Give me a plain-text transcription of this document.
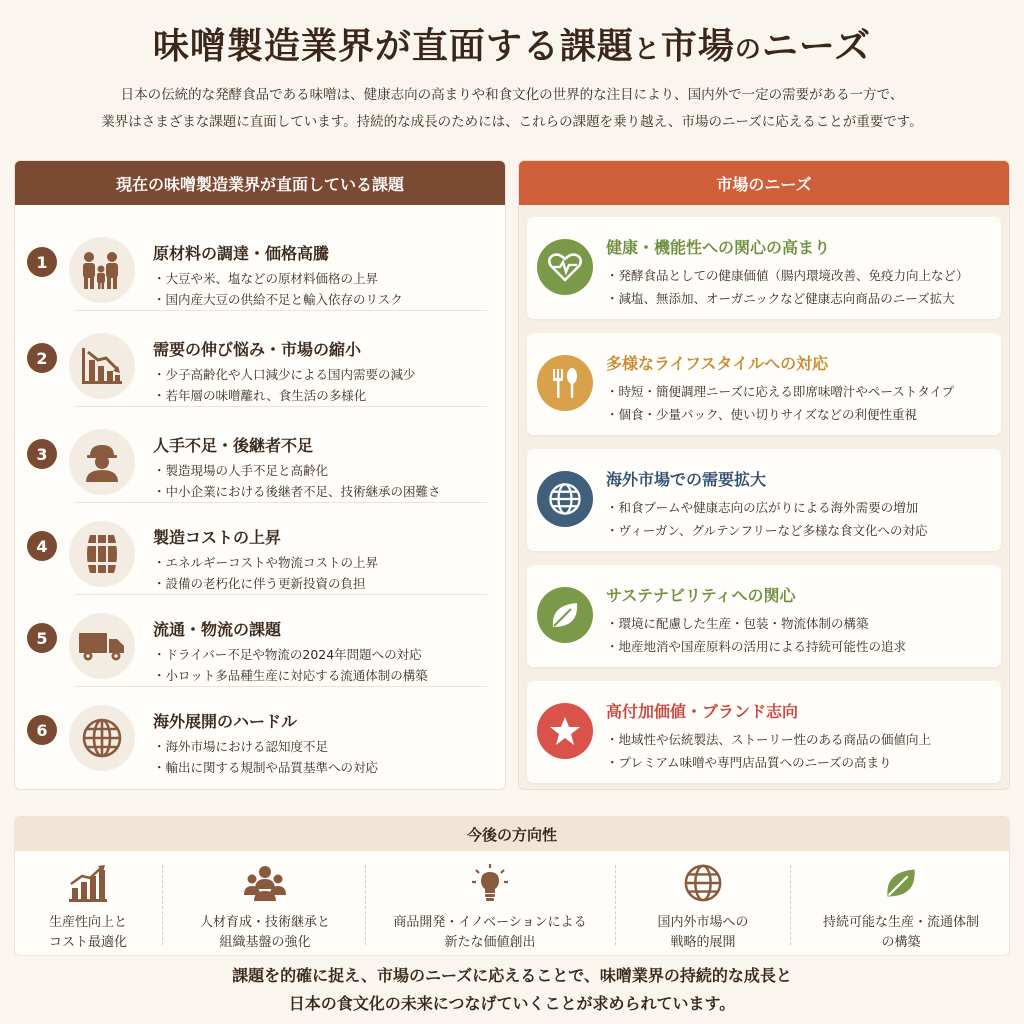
味噌製造業界が直面する課題と市場のニーズ
日本の伝統的な発酵食品である味噌は、健康志向の高まりや和食文化の世界的な注目により、国内外で一定の需要がある一方で、
業界はさまざまな課題に直面しています。持続的な成長のためには、これらの課題を乗り越え、市場のニーズに応えることが重要です。
現在の味噌製造業界が直面している課題
1	原材料の調達・価格高騰
・大豆や米、塩などの原材料価格の上昇
・国内産大豆の供給不足と輸入依存のリスク
2	需要の伸び悩み・市場の縮小
・少子高齢化や人口減少による国内需要の減少
・若年層の味噌離れ、食生活の多様化
3	人手不足・後継者不足
・製造現場の人手不足と高齢化
・中小企業における後継者不足、技術継承の困難さ
4	製造コストの上昇
・エネルギーコストや物流コストの上昇
・設備の老朽化に伴う更新投資の負担
5	流通・物流の課題
・ドライバー不足や物流の2024年問題への対応
・小ロット多品種生産に対応する流通体制の構築
6	海外展開のハードル
・海外市場における認知度不足
・輸出に関する規制や品質基準への対応
市場のニーズ
健康・機能性への関心の高まり
・発酵食品としての健康価値（腸内環境改善、免疫力向上など）
・減塩、無添加、オーガニックなど健康志向商品のニーズ拡大
多様なライフスタイルへの対応
・時短・簡便調理ニーズに応える即席味噌汁やペーストタイプ
・個食・少量パック、使い切りサイズなどの利便性重視
海外市場での需要拡大
・和食ブームや健康志向の広がりによる海外需要の増加
・ヴィーガン、グルテンフリーなど多様な食文化への対応
サステナビリティへの関心
・環境に配慮した生産・包装・物流体制の構築
・地産地消や国産原料の活用による持続可能性の追求
高付加価値・ブランド志向
・地域性や伝統製法、ストーリー性のある商品の価値向上
・プレミアム味噌や専門店品質へのニーズの高まり
今後の方向性
生産性向上と
コスト最適化
人材育成・技術継承と
組織基盤の強化
商品開発・イノベーションによる
新たな価値創出
国内外市場への
戦略的展開
持続可能な生産・流通体制
の構築
課題を的確に捉え、市場のニーズに応えることで、味噌業界の持続的な成長と
日本の食文化の未来につなげていくことが求められています。
